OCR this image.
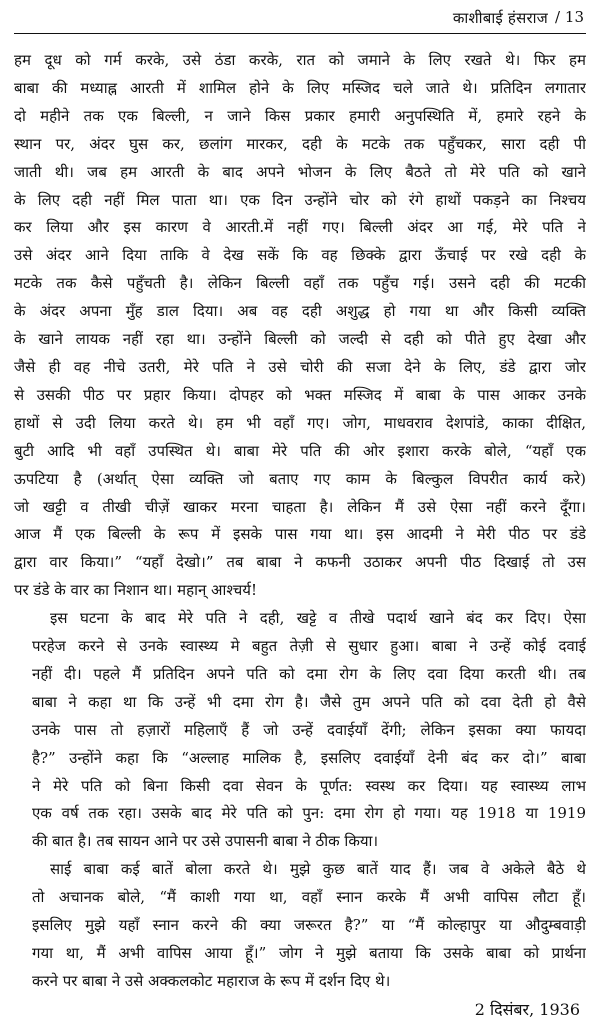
काशीबाई हंसराज / 13
हम दूध को गर्म करके, उसे ठंडा करके, रात को जमाने के लिए रखते थे। फिर हम
बाबा की मध्याह्न आरती में शामिल होने के लिए मस्जिद चले जाते थे। प्रतिदिन लगातार
दो महीने तक एक बिल्ली, न जाने किस प्रकार हमारी अनुपस्थिति में, हमारे रहने के
स्थान पर, अंदर घुस कर, छलांग मारकर, दही के मटके तक पहुँचकर, सारा दही पी
जाती थी। जब हम आरती के बाद अपने भोजन के लिए बैठते तो मेरे पति को खाने
के लिए दही नहीं मिल पाता था। एक दिन उन्होंने चोर को रंगे हाथों पकड़ने का निश्चय
कर लिया और इस कारण वे आरती.में नहीं गए। बिल्ली अंदर आ गई, मेरे पति ने
उसे अंदर आने दिया ताकि वे देख सकें कि वह छिक्के द्वारा ऊँचाई पर रखे दही के
मटके तक कैसे पहुँचती है। लेकिन बिल्ली वहाँ तक पहुँच गई। उसने दही की मटकी
के अंदर अपना मुँह डाल दिया। अब वह दही अशुद्ध हो गया था और किसी व्यक्ति
के खाने लायक नहीं रहा था। उन्होंने बिल्ली को जल्दी से दही को पीते हुए देखा और
जैसे ही वह नीचे उतरी, मेरे पति ने उसे चोरी की सजा देने के लिए, डंडे द्वारा जोर
से उसकी पीठ पर प्रहार किया। दोपहर को भक्त मस्जिद में बाबा के पास आकर उनके
हाथों से उदी लिया करते थे। हम भी वहाँ गए। जोग, माधवराव देशपांडे, काका दीक्षित,
बुटी आदि भी वहाँ उपस्थित थे। बाबा मेरे पति की ओर इशारा करके बोले, “यहाँ एक
ऊपटिया है (अर्थात् ऐसा व्यक्ति जो बताए गए काम के बिल्कुल विपरीत कार्य करे)
जो खट्टी व तीखी चीज़ें खाकर मरना चाहता है। लेकिन मैं उसे ऐसा नहीं करने दूँगा।
आज मैं एक बिल्ली के रूप में इसके पास गया था। इस आदमी ने मेरी पीठ पर डंडे
द्वारा वार किया।” “यहाँ देखो।” तब बाबा ने कफनी उठाकर अपनी पीठ दिखाई तो उस
पर डंडे के वार का निशान था। महान् आश्चर्य!
इस घटना के बाद मेरे पति ने दही, खट्टे व तीखे पदार्थ खाने बंद कर दिए। ऐसा
परहेज करने से उनके स्वास्थ्य मे बहुत तेज़ी से सुधार हुआ। बाबा ने उन्हें कोई दवाई
नहीं दी। पहले मैं प्रतिदिन अपने पति को दमा रोग के लिए दवा दिया करती थी। तब
बाबा ने कहा था कि उन्हें भी दमा रोग है। जैसे तुम अपने पति को दवा देती हो वैसे
उनके पास तो हज़ारों महिलाएँ हैं जो उन्हें दवाईयाँ देंगी; लेकिन इसका क्या फायदा
है?” उन्होंने कहा कि “अल्लाह मालिक है, इसलिए दवाईयाँ देनी बंद कर दो।” बाबा
ने मेरे पति को बिना किसी दवा सेवन के पूर्णत: स्वस्थ कर दिया। यह स्वास्थ्य लाभ
एक वर्ष तक रहा। उसके बाद मेरे पति को पुन: दमा रोग हो गया। यह 1918 या 1919
की बात है। तब सायन आने पर उसे उपासनी बाबा ने ठीक किया।
साई बाबा कई बातें बोला करते थे। मुझे कुछ बातें याद हैं। जब वे अकेले बैठे थे
तो अचानक बोले, “मैं काशी गया था, वहाँ स्नान करके मैं अभी वापिस लौटा हूँ।
इसलिए मुझे यहाँ स्नान करने की क्या जरूरत है?” या “मैं कोल्हापुर या औदुम्बवाड़ी
गया था, मैं अभी वापिस आया हूँ।” जोग ने मुझे बताया कि उसके बाबा को प्रार्थना
करने पर बाबा ने उसे अक्कलकोट महाराज के रूप में दर्शन दिए थे।
2 दिसंबर, 1936
